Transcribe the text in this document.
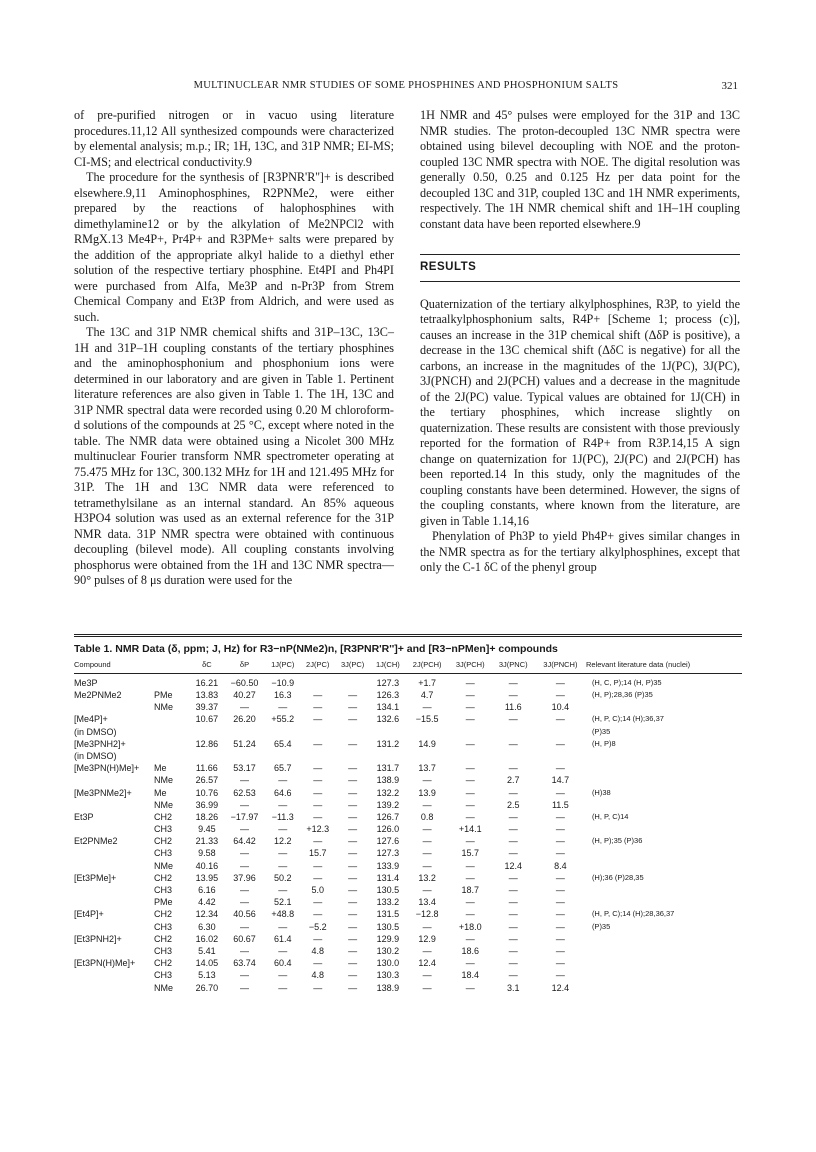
MULTINUCLEAR NMR STUDIES OF SOME PHOSPHINES AND PHOSPHONIUM SALTS	321

of pre-purified nitrogen or in vacuo using literature procedures.11,12 All synthesized compounds were characterized by elemental analysis; m.p.; IR; 1H, 13C, and 31P NMR; EI-MS; CI-MS; and electrical conductivity.9

The procedure for the synthesis of [R3PNR'R'']+ is described elsewhere.9,11 Aminophosphines, R2PNMe2, were either prepared by the reactions of halophosphines with dimethylamine12 or by the alkylation of Me2NPCl2 with RMgX.13 Me4P+, Pr4P+ and R3PMe+ salts were prepared by the addition of the appropriate alkyl halide to a diethyl ether solution of the respective tertiary phosphine. Et4PI and Ph4PI were purchased from Alfa, Me3P and n-Pr3P from Strem Chemical Company and Et3P from Aldrich, and were used as such.

The 13C and 31P NMR chemical shifts and 31P–13C, 13C–1H and 31P–1H coupling constants of the tertiary phosphines and the aminophosphonium and phosphonium ions were determined in our laboratory and are given in Table 1. Pertinent literature references are also given in Table 1. The 1H, 13C and 31P NMR spectral data were recorded using 0.20 M chloroform-d solutions of the compounds at 25 °C, except where noted in the table. The NMR data were obtained using a Nicolet 300 MHz multinuclear Fourier transform NMR spectrometer operating at 75.475 MHz for 13C, 300.132 MHz for 1H and 121.495 MHz for 31P. The 1H and 13C NMR data were referenced to tetramethylsilane as an internal standard. An 85% aqueous H3PO4 solution was used as an external reference for the 31P NMR data. 31P NMR spectra were obtained with continuous decoupling (bilevel mode). All coupling constants involving phosphorus were obtained from the 1H and 13C NMR spectra—90° pulses of 8 μs duration were used for the

1H NMR and 45° pulses were employed for the 31P and 13C NMR studies. The proton-decoupled 13C NMR spectra were obtained using bilevel decoupling with NOE and the proton-coupled 13C NMR spectra with NOE. The digital resolution was generally 0.50, 0.25 and 0.125 Hz per data point for the decoupled 13C and 31P, coupled 13C and 1H NMR experiments, respectively. The 1H NMR chemical shift and 1H–1H coupling constant data have been reported elsewhere.9

RESULTS

Quaternization of the tertiary alkylphosphines, R3P, to yield the tetraalkylphosphonium salts, R4P+ [Scheme 1; process (c)], causes an increase in the 31P chemical shift (ΔδP is positive), a decrease in the 13C chemical shift (ΔδC is negative) for all the carbons, an increase in the magnitudes of the 1J(PC), 3J(PC), 3J(PNCH) and 2J(PCH) values and a decrease in the magnitude of the 2J(PC) value. Typical values are obtained for 1J(CH) in the tertiary phosphines, which increase slightly on quaternization. These results are consistent with those previously reported for the formation of R4P+ from R3P.14,15 A sign change on quaternization for 1J(PC), 2J(PC) and 2J(PCH) has been reported.14 In this study, only the magnitudes of the coupling constants have been determined. However, the signs of the coupling constants, where known from the literature, are given in Table 1.14,16

Phenylation of Ph3P to yield Ph4P+ gives similar changes in the NMR spectra as for the tertiary alkylphosphines, except that only the C-1 δC of the phenyl group

Table 1. NMR Data (δ, ppm; J, Hz) for R3−nP(NMe2)n, [R3PNR'R'']+ and [R3−nPMen]+ compounds
Compound		δC	δP	1J(PC)	2J(PC)	3J(PC)	1J(CH)	2J(PCH)	3J(PCH)	3J(PNC)	3J(PNCH)	Relevant literature data (nuclei)
Me3P		16.21	−60.50	−10.9			127.3	+1.7	—	—	—	(H, C, P);14 (H, P)35
Me2PNMe2	PMe	13.83	40.27	16.3	—	—	126.3	4.7	—	—	—	(H, P);28,36 (P)35
	NMe	39.37	—	—	—	—	134.1	—	—	11.6	10.4	
[Me4P]+		10.67	26.20	+55.2	—	—	132.6	−15.5	—	—	—	(H, P, C);14 (H);36,37
(in DMSO)												(P)35
[Me3PNH2]+		12.86	51.24	65.4	—	—	131.2	14.9	—	—	—	(H, P)8
(in DMSO)												
[Me3PN(H)Me]+	Me	11.66	53.17	65.7	—	—	131.7	13.7	—	—	—	
	NMe	26.57	—	—	—	—	138.9	—	—	2.7	14.7	
[Me3PNMe2]+	Me	10.76	62.53	64.6	—	—	132.2	13.9	—	—	—	(H)38
	NMe	36.99	—	—	—	—	139.2	—	—	2.5	11.5	
Et3P	CH2	18.26	−17.97	−11.3	—	—	126.7	0.8	—	—	—	(H, P, C)14
	CH3	9.45	—	—	+12.3	—	126.0	—	+14.1	—	—	
Et2PNMe2	CH2	21.33	64.42	12.2	—	—	127.6	—	—	—	—	(H, P);35 (P)36
	CH3	9.58	—	—	15.7	—	127.3	—	15.7	—	—	
	NMe	40.16	—	—	—	—	133.9	—	—	12.4	8.4	
[Et3PMe]+	CH2	13.95	37.96	50.2	—	—	131.4	13.2	—	—	—	(H);36 (P)28,35
	CH3	6.16	—	—	5.0	—	130.5	—	18.7	—	—	
	PMe	4.42	—	52.1	—	—	133.2	13.4	—	—	—	
[Et4P]+	CH2	12.34	40.56	+48.8	—	—	131.5	−12.8	—	—	—	(H, P, C);14 (H);28,36,37
	CH3	6.30	—	—	−5.2	—	130.5	—	+18.0	—	—	(P)35
[Et3PNH2]+	CH2	16.02	60.67	61.4	—	—	129.9	12.9	—	—	—	
	CH3	5.41	—	—	4.8	—	130.2	—	18.6	—	—	
[Et3PN(H)Me]+	CH2	14.05	63.74	60.4	—	—	130.0	12.4	—	—	—	
	CH3	5.13	—	—	4.8	—	130.3	—	18.4	—	—	
	NMe	26.70	—	—	—	—	138.9	—	—	3.1	12.4	
